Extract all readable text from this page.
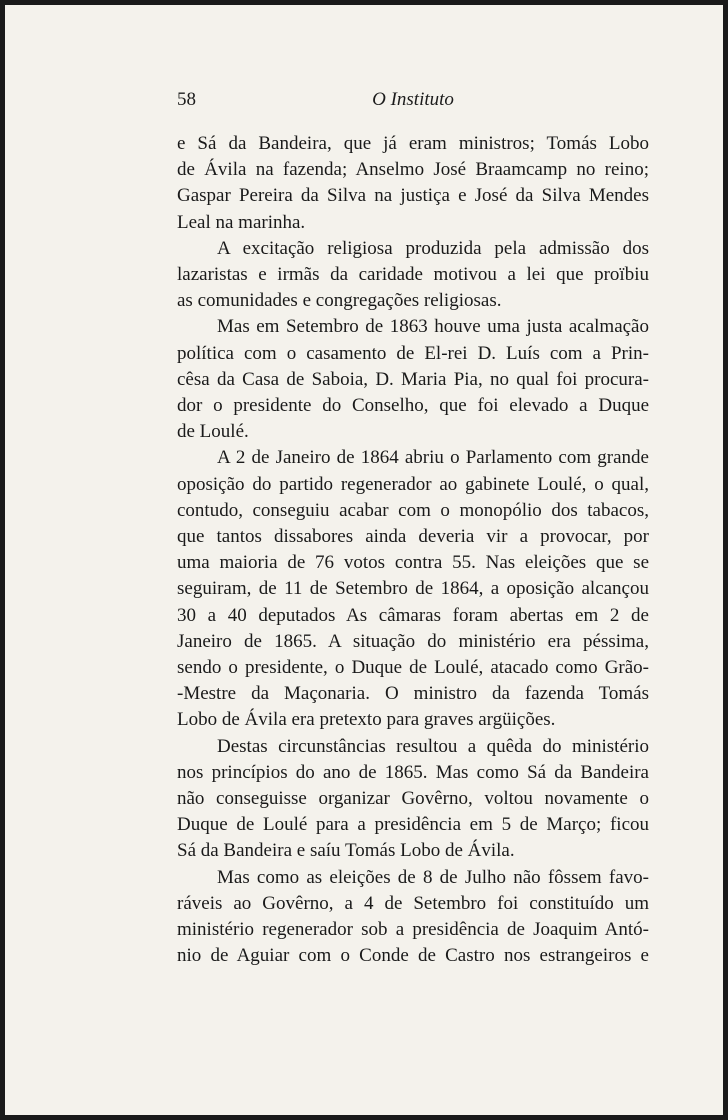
58	O Instituto

e Sá da Bandeira, que já eram ministros; Tomás Lobo
de Ávila na fazenda; Anselmo José Braamcamp no reino;
Gaspar Pereira da Silva na justiça e José da Silva Mendes
Leal na marinha.

A excitação religiosa produzida pela admissão dos
lazaristas e irmãs da caridade motivou a lei que proïbiu
as comunidades e congregações religiosas.

Mas em Setembro de 1863 houve uma justa acalmação
política com o casamento de El-rei D. Luís com a Prin-
cêsa da Casa de Saboia, D. Maria Pia, no qual foi procura-
dor o presidente do Conselho, que foi elevado a Duque
de Loulé.

A 2 de Janeiro de 1864 abriu o Parlamento com grande
oposição do partido regenerador ao gabinete Loulé, o qual,
contudo, conseguiu acabar com o monopólio dos tabacos,
que tantos dissabores ainda deveria vir a provocar, por
uma maioria de 76 votos contra 55. Nas eleições que se
seguiram, de 11 de Setembro de 1864, a oposição alcançou
30 a 40 deputados As câmaras foram abertas em 2 de
Janeiro de 1865. A situação do ministério era péssima,
sendo o presidente, o Duque de Loulé, atacado como Grão-
-Mestre da Maçonaria. O ministro da fazenda Tomás
Lobo de Ávila era pretexto para graves argüições.

Destas circunstâncias resultou a quêda do ministério
nos princípios do ano de 1865. Mas como Sá da Bandeira
não conseguisse organizar Govêrno, voltou novamente o
Duque de Loulé para a presidência em 5 de Março; ficou
Sá da Bandeira e saíu Tomás Lobo de Ávila.

Mas como as eleições de 8 de Julho não fôssem favo-
ráveis ao Govêrno, a 4 de Setembro foi constituído um
ministério regenerador sob a presidência de Joaquim Antó-
nio de Aguiar com o Conde de Castro nos estrangeiros e
